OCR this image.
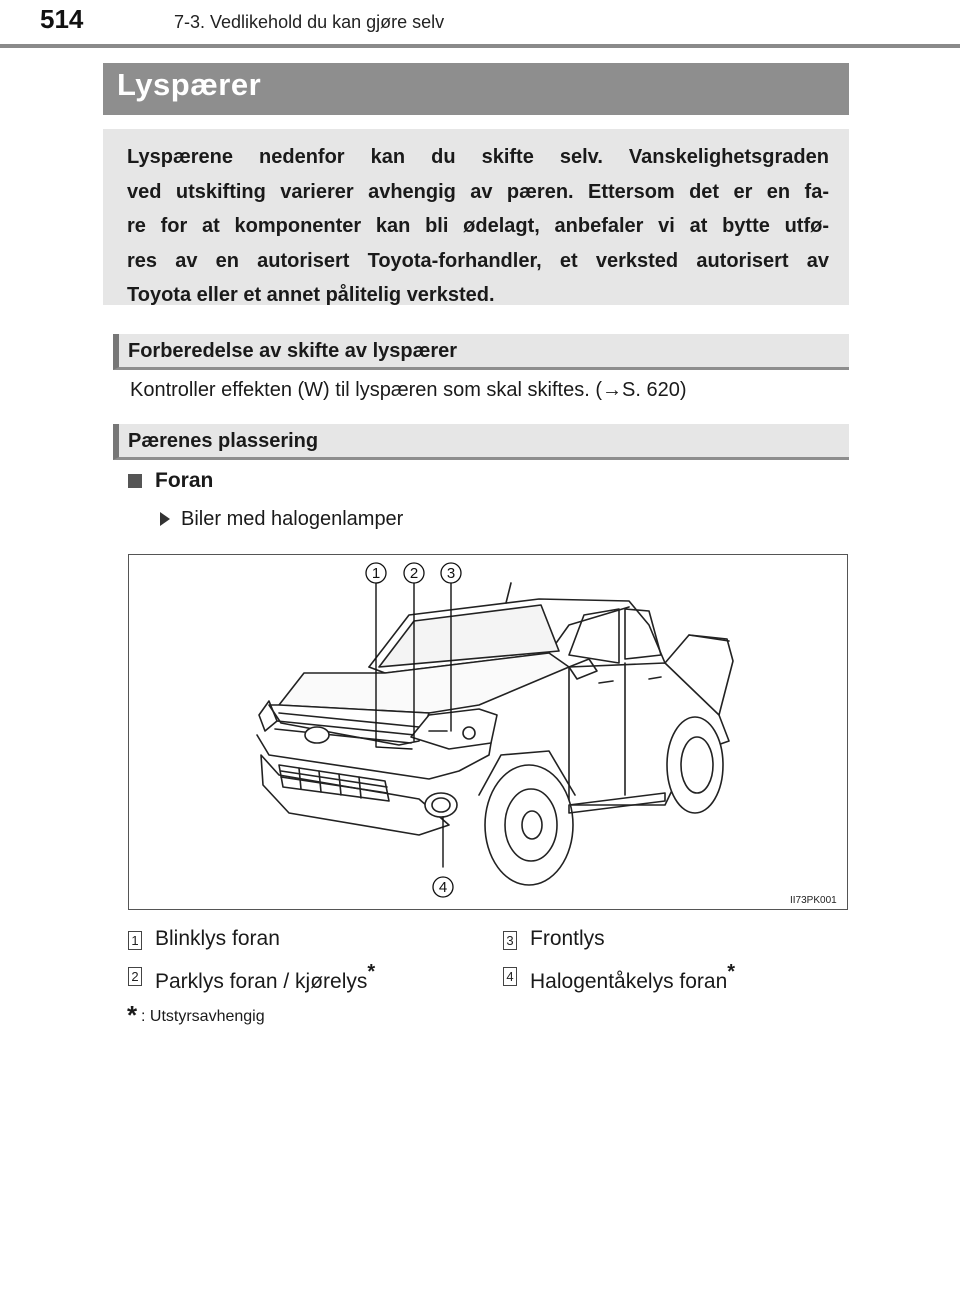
514	7-3. Vedlikehold du kan gjøre selv
Lyspærer
Lyspærene nedenfor kan du skifte selv. Vanskelighetsgraden
ved utskifting varierer avhengig av pæren. Ettersom det er en fa-
re for at komponenter kan bli ødelagt, anbefaler vi at bytte utfø-
res av en autorisert Toyota-forhandler, et verksted autorisert av
Toyota eller et annet pålitelig verksted.
Forberedelse av skifte av lyspærer
Kontroller effekten (W) til lyspæren som skal skiftes. (→S. 620)
Pærenes plassering
Foran
Biler med halogenlamper
1 2 3
4
II73PK001
1 Blinklys foran	3 Frontlys
2 Parklys foran / kjørelys*	4 Halogentåkelys foran*
* : Utstyrsavhengig
